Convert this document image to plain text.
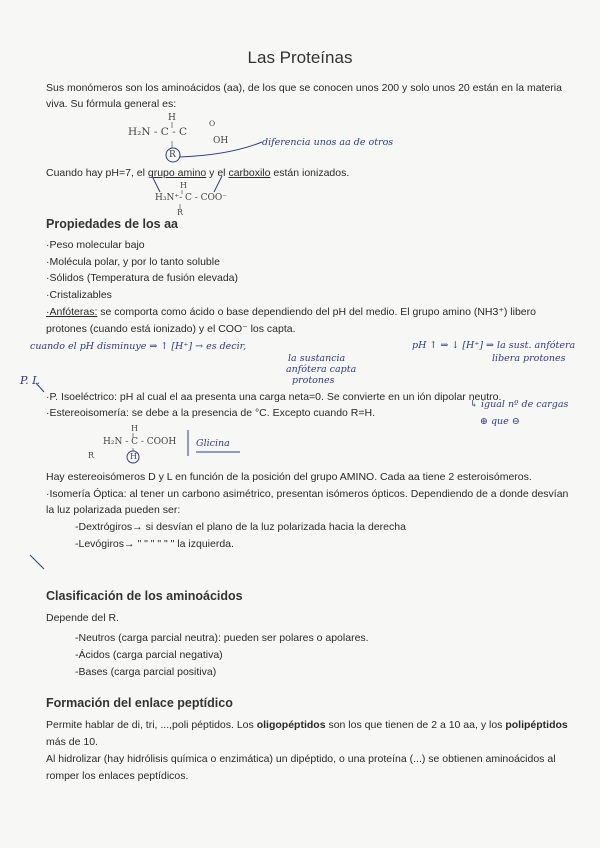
Las Proteínas
Sus monómeros son los aminoácidos (aa), de los que se conocen unos 200 y solo unos 20 están en la materia
viva. Su fórmula general es:
H
H₂N - C - C
O
OH
R
diferencia unos aa de otros
Cuando hay pH=7, el grupo amino y el carboxilo están ionizados.
H
H₃N⁺- C - COO⁻
R
Propiedades de los aa
·Peso molecular bajo
·Molécula polar, y por lo tanto soluble
·Sólidos (Temperatura de fusión elevada)
·Cristalizables
·Anfóteras: se comporta como ácido o base dependiendo del pH del medio. El grupo amino (NH3⁺) libero
protones (cuando está ionizado) y el COO⁻ los capta.
cuando el pH disminuye ⇒ ↑ [H⁺] → es decir,
la sustancia
anfótera capta
protones
pH ↑ ⇒ ↓ [H⁺] ⇒ la sust. anfótera
libera protones
P. I.
·P. Isoeléctrico: pH al cual el aa presenta una carga neta=0. Se convierte en un ión dipolar neutro.
·Estereoisomería: se debe a la presencia de °C. Excepto cuando R=H.
↳ igual nº de cargas
⊕ que ⊖
H
H₂N - C - COOH
R	H
Glicina
Hay estereoisómeros D y L en función de la posición del grupo AMINO. Cada aa tiene 2 esteroisómeros.
·Isomería Óptica: al tener un carbono asimétrico, presentan isómeros ópticos. Dependiendo de a donde desvían
la luz polarizada pueden ser:
-Dextrógiros→ si desvían el plano de la luz polarizada hacia la derecha
-Levógiros→ " " " " " " la izquierda.
Clasificación de los aminoácidos
Depende del R.
-Neutros (carga parcial neutra): pueden ser polares o apolares.
-Ácidos (carga parcial negativa)
-Bases (carga parcial positiva)
Formación del enlace peptídico
Permite hablar de di, tri, ...,poli péptidos. Los oligopéptidos son los que tienen de 2 a 10 aa, y los polipéptidos
más de 10.
Al hidrolizar (hay hidrólisis química o enzimática) un dipéptido, o una proteína (...) se obtienen aminoácidos al
romper los enlaces peptídicos.
